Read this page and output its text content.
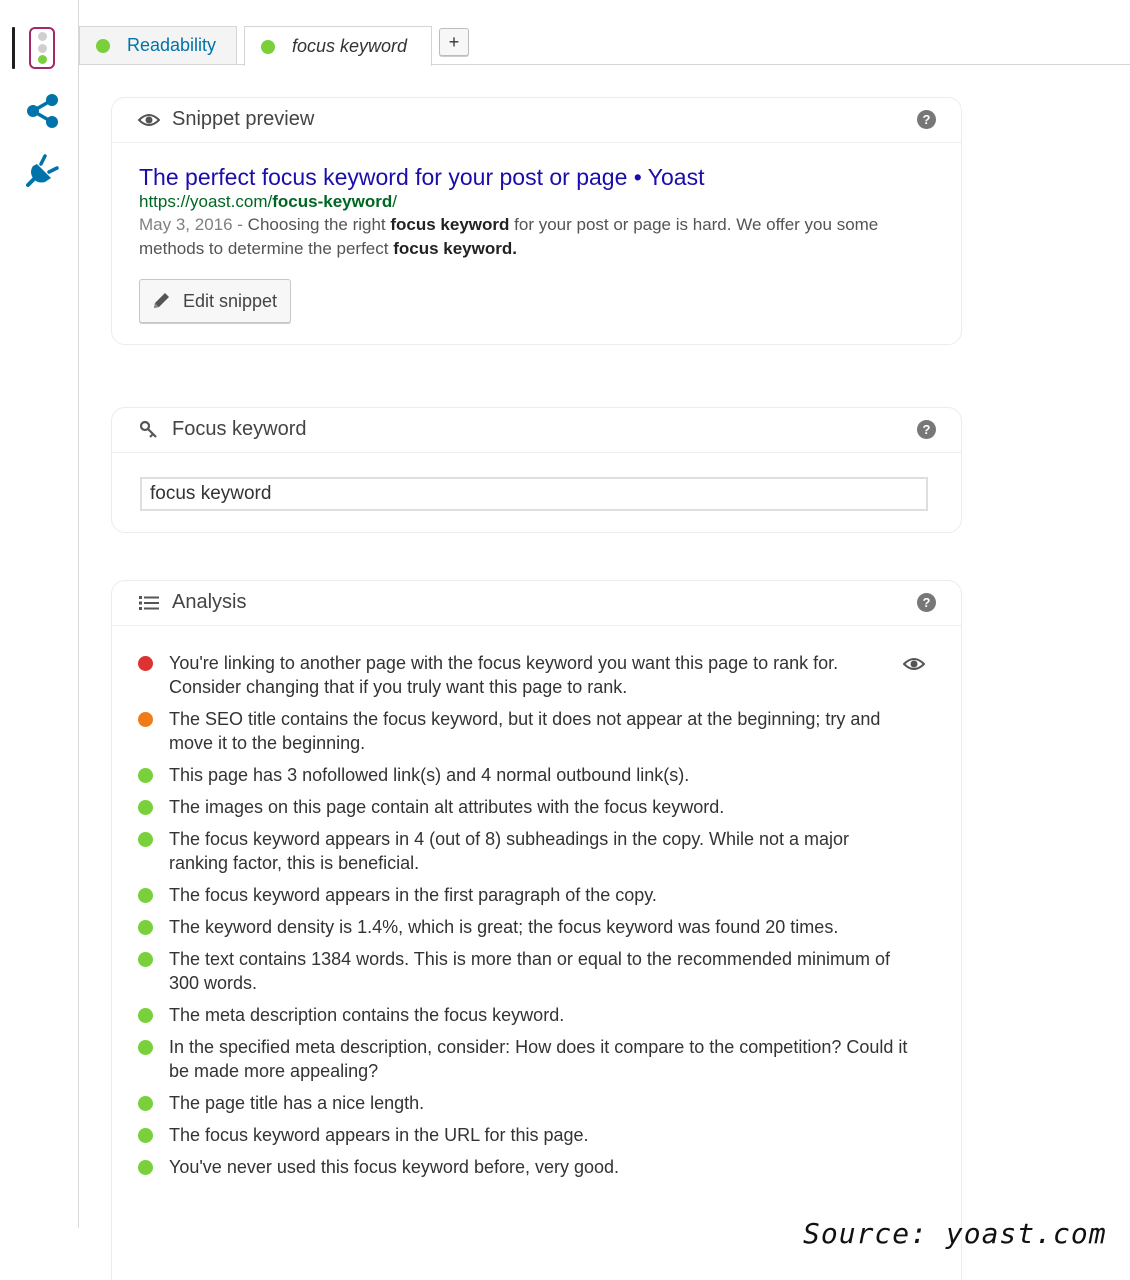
Readability	focus keyword	+
Snippet preview	?
The perfect focus keyword for your post or page • Yoast
https://yoast.com/focus-keyword/
May 3, 2016 - Choosing the right focus keyword for your post or page is hard. We offer you some methods to determine the perfect focus keyword.
Edit snippet
Focus keyword	?
focus keyword
Analysis	?
You're linking to another page with the focus keyword you want this page to rank for. Consider changing that if you truly want this page to rank.
The SEO title contains the focus keyword, but it does not appear at the beginning; try and move it to the beginning.
This page has 3 nofollowed link(s) and 4 normal outbound link(s).
The images on this page contain alt attributes with the focus keyword.
The focus keyword appears in 4 (out of 8) subheadings in the copy. While not a major ranking factor, this is beneficial.
The focus keyword appears in the first paragraph of the copy.
The keyword density is 1.4%, which is great; the focus keyword was found 20 times.
The text contains 1384 words. This is more than or equal to the recommended minimum of 300 words.
The meta description contains the focus keyword.
In the specified meta description, consider: How does it compare to the competition? Could it be made more appealing?
The page title has a nice length.
The focus keyword appears in the URL for this page.
You've never used this focus keyword before, very good.
Source: yoast.com
